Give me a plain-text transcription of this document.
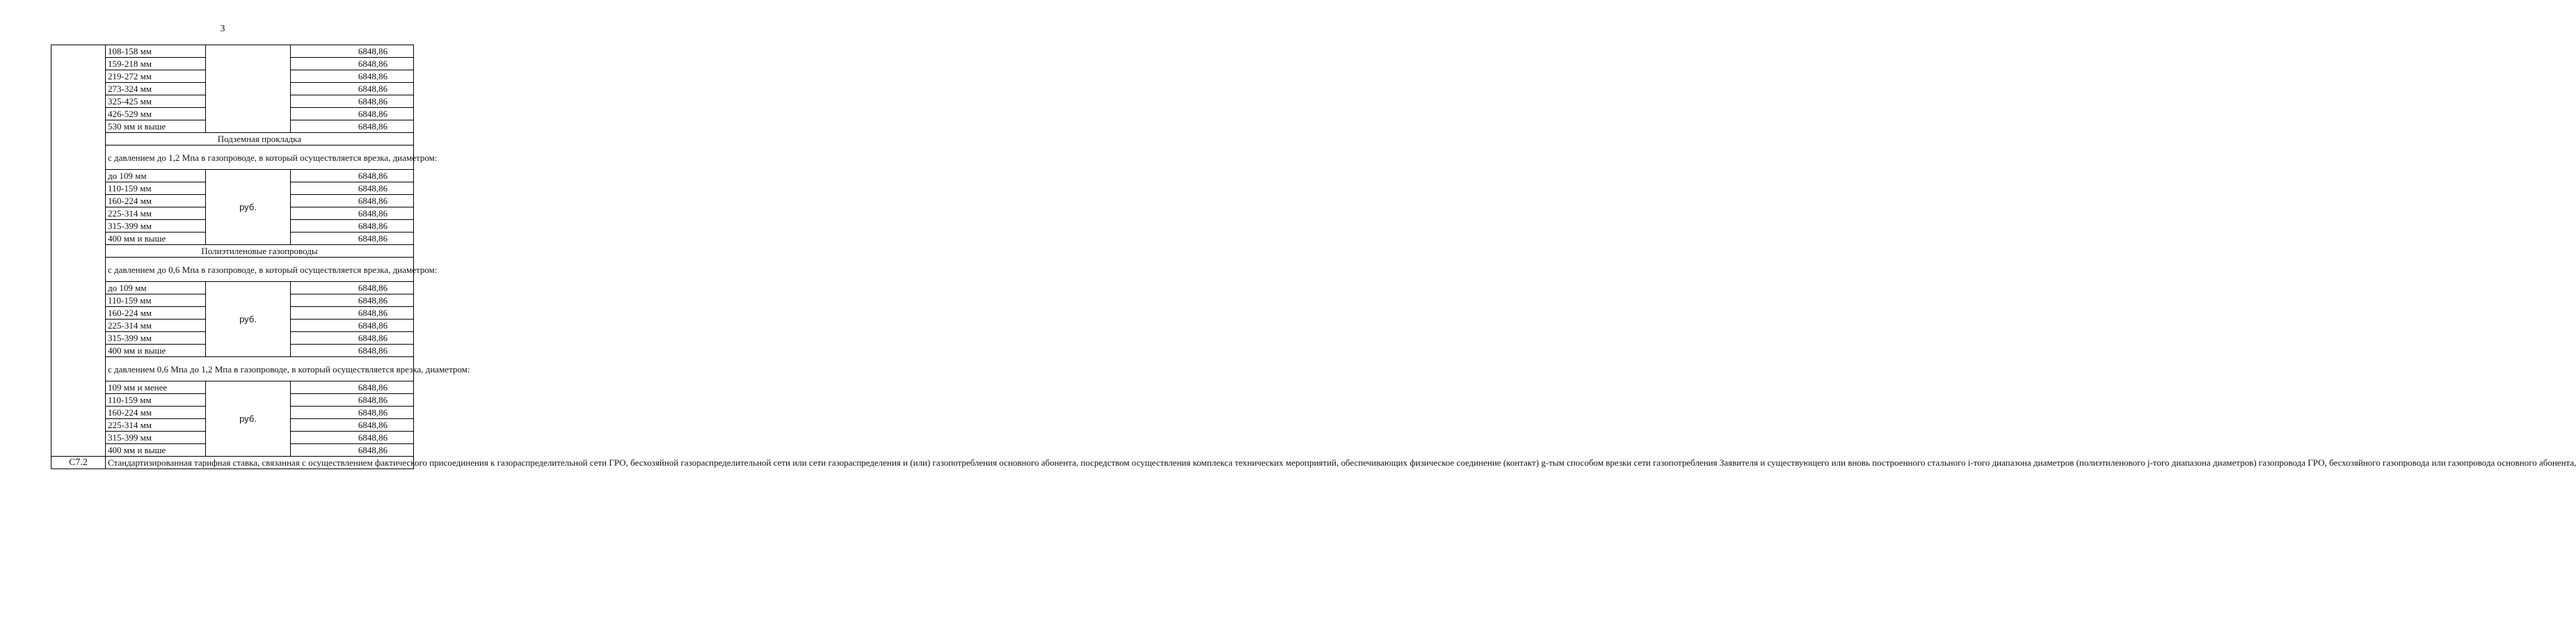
3
	108-158 мм		6848,86
	159-218 мм		6848,86
	219-272 мм		6848,86
	273-324 мм		6848,86
	325-425 мм		6848,86
	426-529 мм		6848,86
	530 мм и выше		6848,86
	Подземная прокладка		
	с давлением до 1,2 Мпа в газопроводе, в который осуществляется врезка, диаметром:		
	до 109 мм	руб.	6848,86
	110-159 мм		6848,86
	160-224 мм		6848,86
	225-314 мм		6848,86
	315-399 мм		6848,86
	400 мм и выше		6848,86
	Полиэтиленовые газопроводы		
	с давлением до 0,6 Мпа в газопроводе, в который осуществляется врезка, диаметром:		
	до 109 мм	руб.	6848,86
	110-159 мм		6848,86
	160-224 мм		6848,86
	225-314 мм		6848,86
	315-399 мм		6848,86
	400 мм и выше		6848,86
	с давлением 0,6 Мпа до 1,2 Мпа в газопроводе, в который осуществляется врезка, диаметром:		
	109 мм и менее	руб.	6848,86
	110-159 мм		6848,86
	160-224 мм		6848,86
	225-314 мм		6848,86
	315-399 мм		6848,86
	400 мм и выше		6848,86
С7.2	Стандартизированная тарифная ставка, связанная с осуществлением фактического присоединения к газораспределительной сети ГРО, бесхозяйной газораспределительной сети или сети газораспределения и (или) газопотребления основного абонента, посредством осуществления комплекса технических мероприятий, обеспечивающих физическое соединение (контакт) g-тым способом врезки сети газопотребления Заявителя и существующего или вновь построенного стального i-того диапазона диаметров (полиэтиленового j-того диапазона диаметров) газопровода ГРО, бесхозяйного газопровода или газопровода основного абонента,		
